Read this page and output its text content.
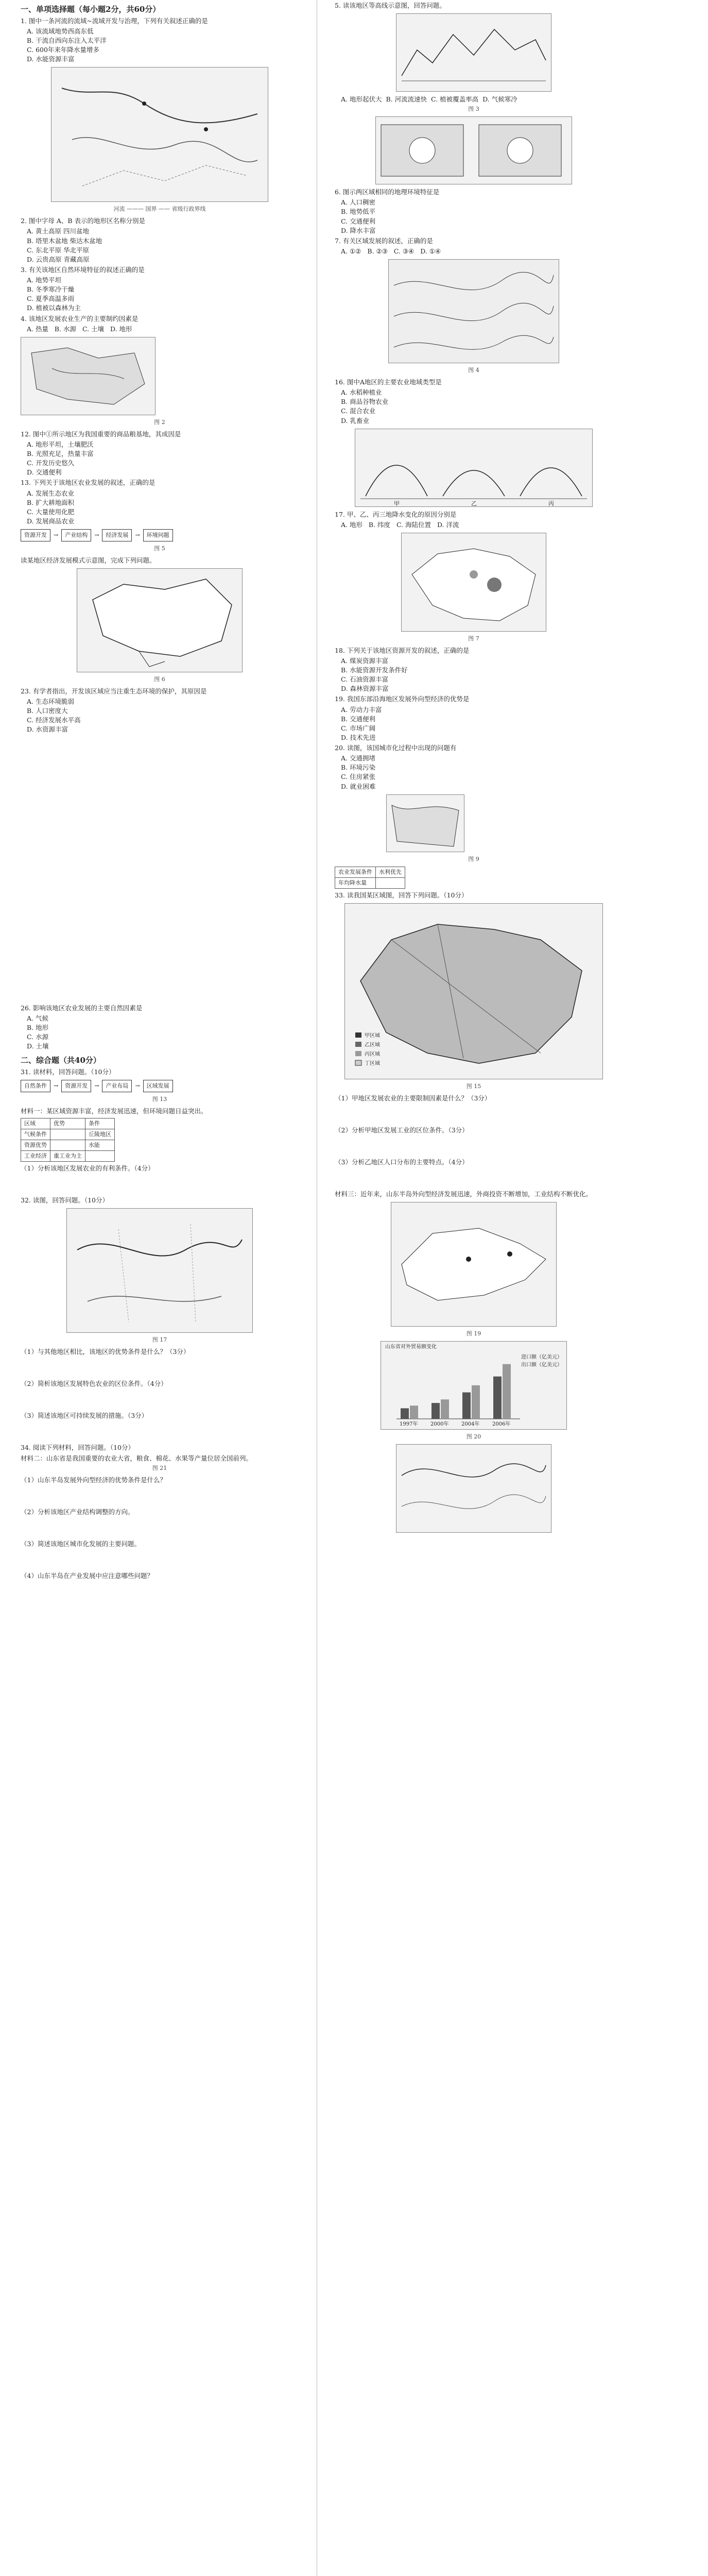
一、单项选择题（每小题2分，共60分）
1. 图中一条河流的流域~流域开发与治理，下列有关叙述正确的是
A. 该流域地势西高东低
B. 干流自西向东注入太平洋
C. 600年来年降水量增多
D. 水能资源丰富
河流 ——— 国界 —— 省级行政界线
2. 图中字母 A、B 表示的地形区名称分别是
A. 黄土高原 四川盆地
B. 塔里木盆地 柴达木盆地
C. 东北平原 华北平原
D. 云贵高原 青藏高原
3. 有关该地区自然环境特征的叙述正确的是
A. 地势平坦
B. 冬季寒冷干燥
C. 夏季高温多雨
D. 植被以森林为主
4. 该地区发展农业生产的主要制约因素是
A. 热量 B. 水源 C. 土壤 D. 地形
图 2
12. 图中①所示地区为我国重要的商品粮基地，其成因是
A. 地形平坦，土壤肥沃
B. 光照充足，热量丰富
C. 开发历史悠久
D. 交通便利
13. 下列关于该地区农业发展的叙述，正确的是
A. 发展生态农业
B. 扩大耕地面积
C. 大量使用化肥
D. 发展商品农业
资源开发	→	产业结构	→	经济发展	→	环境问题
图 5
读某地区经济发展模式示意图，完成下列问题。
图 6
23. 有学者指出，开发该区域应当注重生态环境的保护，其原因是
A. 生态环境脆弱
B. 人口密度大
C. 经济发展水平高
D. 水资源丰富
26. 影响该地区农业发展的主要自然因素是
A. 气候
B. 地形
C. 水源
D. 土壤
二、综合题（共40分）
31. 读材料，回答问题。（10分）
自然条件	→	资源开发	→	产业布局	→	区域发展
图 13
材料一：某区域资源丰富，经济发展迅速，但环境问题日益突出。
区域	优势	条件
气候条件		丘陵地区
资源优势		水能
工业经济	重工业为主	
（1）分析该地区发展农业的有利条件。（4分）
32. 读图，回答问题。（10分）
图 17
（1）与其他地区相比，该地区的优势条件是什么？（3分）
（2）简析该地区发展特色农业的区位条件。（4分）
（3）简述该地区可持续发展的措施。（3分）
34. 阅读下列材料，回答问题。（10分）
材料二：山东省是我国重要的农业大省，粮食、棉花、水果等产量位居全国前列。
图 21
（1）山东半岛发展外向型经济的优势条件是什么？
（2）分析该地区产业结构调整的方向。
（3）简述该地区城市化发展的主要问题。
（4）山东半岛在产业发展中应注意哪些问题？
5. 读该地区等高线示意图，回答问题。
A. 地形起伏大 B. 河流流速快 C. 植被覆盖率高 D. 气候寒冷
图 3
6. 图示两区域相同的地理环境特征是
A. 人口稠密
B. 地势低平
C. 交通便利
D. 降水丰富
7. 有关区域发展的叙述，正确的是
A. ①② B. ②③ C. ③④ D. ①④
图 4
16. 图中A地区的主要农业地域类型是
A. 水稻种植业
B. 商品谷物农业
C. 混合农业
D. 乳畜业
甲	乙	丙
17. 甲、乙、丙三地降水变化的原因分别是
A. 地形 B. 纬度 C. 海陆位置 D. 洋流
图 7
18. 下列关于该地区资源开发的叙述，正确的是
A. 煤炭资源丰富
B. 水能资源开发条件好
C. 石油资源丰富
D. 森林资源丰富
19. 我国东部沿海地区发展外向型经济的优势是
A. 劳动力丰富
B. 交通便利
C. 市场广阔
D. 技术先进
20. 读图，该国城市化过程中出现的问题有
A. 交通拥堵
B. 环境污染
C. 住房紧张
D. 就业困难
图 9
农业发展条件	水利优先
年均降水量	
33. 读我国某区域图，回答下列问题。（10分）
甲区域
乙区域
丙区域
丁区域
图 15
（1）甲地区发展农业的主要限制因素是什么？（3分）
（2）分析甲地区发展工业的区位条件。（3分）
（3）分析乙地区人口分布的主要特点。（4分）
材料三：近年来，山东半岛外向型经济发展迅速，外商投资不断增加，工业结构不断优化。
图 19
山东省对外贸易额变化
1997年 2000年 2004年 2006年
进口额（亿美元）
出口额（亿美元）
图 20
